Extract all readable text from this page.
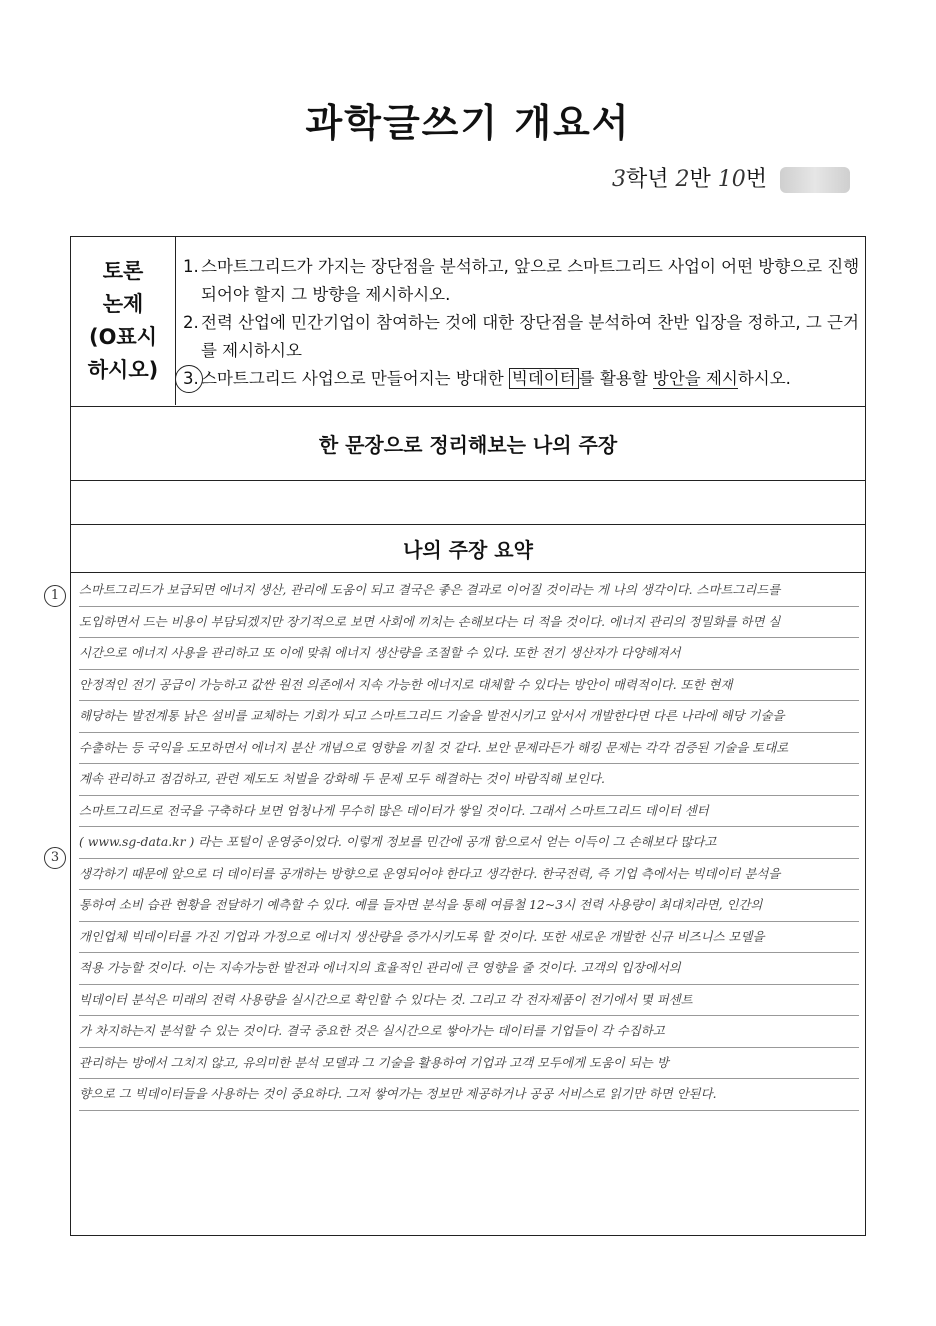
과학글쓰기 개요서
3학년 2반 10번
토론
논제
(O표시
하시오)
1. 스마트그리드가 가지는 장단점을 분석하고, 앞으로 스마트그리드 사업이 어떤 방향으로 진행되어야 할지 그 방향을 제시하시오.
2. 전력 산업에 민간기업이 참여하는 것에 대한 장단점을 분석하여 찬반 입장을 정하고, 그 근거를 제시하시오
3. 스마트그리드 사업으로 만들어지는 방대한 빅데이터 를 활용할 방안을 제시하시오.
한 문장으로 정리해보는 나의 주장
나의 주장 요약
스마트그리드가 보급되면 에너지 생산, 관리에 도움이 되고 결국은 좋은 결과로 이어질 것이라는 게 나의 생각이다. 스마트그리드를
도입하면서 드는 비용이 부담되겠지만 장기적으로 보면 사회에 끼치는 손해보다는 더 적을 것이다. 에너지 관리의 정밀화를 하면 실
시간으로 에너지 사용을 관리하고 또 이에 맞춰 에너지 생산량을 조절할 수 있다. 또한 전기 생산자가 다양해져서
안정적인 전기 공급이 가능하고 값싼 원전 의존에서 지속 가능한 에너지로 대체할 수 있다는 방안이 매력적이다. 또한 현재
해당하는 발전계통 낡은 설비를 교체하는 기회가 되고 스마트그리드 기술을 발전시키고 앞서서 개발한다면 다른 나라에 해당 기술을
수출하는 등 국익을 도모하면서 에너지 분산 개념으로 영향을 끼칠 것 같다. 보안 문제라든가 해킹 문제는 각각 검증된 기술을 토대로
계속 관리하고 점검하고, 관련 제도도 처벌을 강화해 두 문제 모두 해결하는 것이 바람직해 보인다.
스마트그리드로 전국을 구축하다 보면 엄청나게 무수히 많은 데이터가 쌓일 것이다. 그래서 스마트그리드 데이터 센터
( www.sg-data.kr ) 라는 포털이 운영중이었다. 이렇게 정보를 민간에 공개 함으로서 얻는 이득이 그 손해보다 많다고
생각하기 때문에 앞으로 더 데이터를 공개하는 방향으로 운영되어야 한다고 생각한다. 한국전력, 즉 기업 측에서는 빅데이터 분석을
통하여 소비 습관 현황을 전달하기 예측할 수 있다. 예를 들자면 분석을 통해 여름철 12~3시 전력 사용량이 최대치라면, 인간의
개인업체 빅데이터를 가진 기업과 가정으로 에너지 생산량을 증가시키도록 할 것이다. 또한 새로운 개발한 신규 비즈니스 모델을
적용 가능할 것이다. 이는 지속가능한 발전과 에너지의 효율적인 관리에 큰 영향을 줄 것이다. 고객의 입장에서의
빅데이터 분석은 미래의 전력 사용량을 실시간으로 확인할 수 있다는 것. 그리고 각 전자제품이 전기에서 몇 퍼센트
가 차지하는지 분석할 수 있는 것이다. 결국 중요한 것은 실시간으로 쌓아가는 데이터를 기업들이 각 수집하고
관리하는 방에서 그치지 않고, 유의미한 분석 모델과 그 기술을 활용하여 기업과 고객 모두에게 도움이 되는 방
향으로 그 빅데이터들을 사용하는 것이 중요하다. 그저 쌓여가는 정보만 제공하거나 공공 서비스로 읽기만 하면 안된다.
1
3
